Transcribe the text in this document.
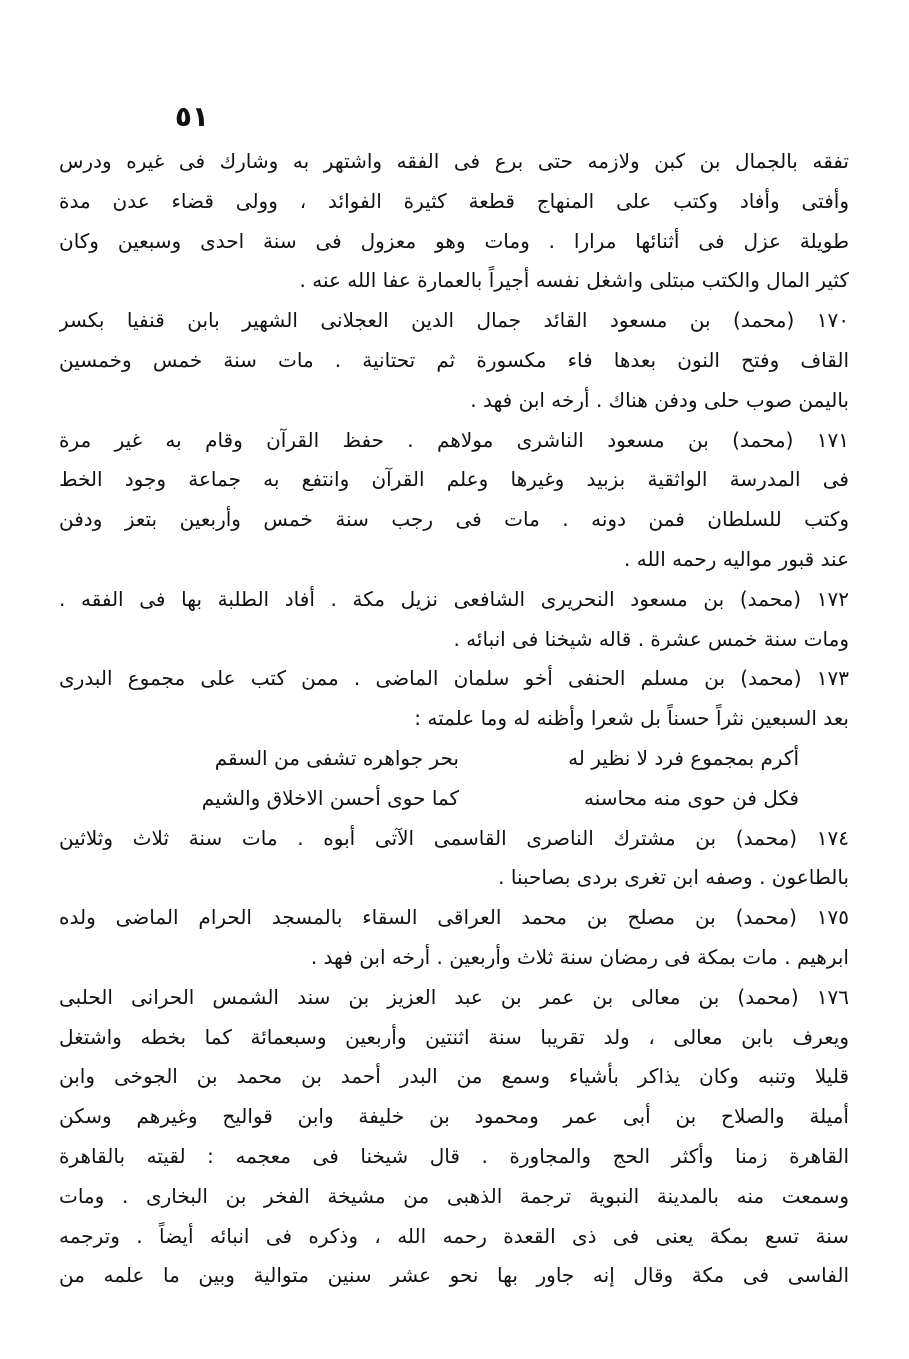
٥١
تفقه بالجمال بن كبن ولازمه حتى برع فى الفقه واشتهر به وشارك فى غيره ودرس
وأفتى وأفاد وكتب على المنهاج قطعة كثيرة الفوائد ، وولى قضاء عدن مدة
طويلة عزل فى أثنائها مرارا . ومات وهو معزول فى سنة احدى وسبعين وكان
كثير المال والكتب مبتلى واشغل نفسه أجيراً بالعمارة عفا الله عنه .
١٧٠ (محمد) بن مسعود القائد جمال الدين العجلانى الشهير بابن قنفيا بكسر
القاف وفتح النون بعدها فاء مكسورة ثم تحتانية . مات سنة خمس وخمسين
باليمن صوب حلى ودفن هناك . أرخه ابن فهد .
١٧١ (محمد) بن مسعود الناشرى مولاهم . حفظ القرآن وقام به غير مرة
فى المدرسة الواثقية بزبيد وغيرها وعلم القرآن وانتفع به جماعة وجود الخط
وكتب للسلطان فمن دونه . مات فى رجب سنة خمس وأربعين بتعز ودفن
عند قبور مواليه رحمه الله .
١٧٢ (محمد) بن مسعود النحريرى الشافعى نزيل مكة . أفاد الطلبة بها فى الفقه .
ومات سنة خمس عشرة . قاله شيخنا فى انبائه .
١٧٣ (محمد) بن مسلم الحنفى أخو سلمان الماضى . ممن كتب على مجموع البدرى
بعد السبعين نثراً حسناً بل شعرا وأظنه له وما علمته :
أكرم بمجموع فرد لا نظير له
بحر جواهره تشفى من السقم
فكل فن حوى منه محاسنه
كما حوى أحسن الاخلاق والشيم
١٧٤ (محمد) بن مشترك الناصرى القاسمى الآتى أبوه . مات سنة ثلاث وثلاثين
بالطاعون . وصفه ابن تغرى بردى بصاحبنا .
١٧٥ (محمد) بن مصلح بن محمد العراقى السقاء بالمسجد الحرام الماضى ولده
ابرهيم . مات بمكة فى رمضان سنة ثلاث وأربعين . أرخه ابن فهد .
١٧٦ (محمد) بن معالى بن عمر بن عبد العزيز بن سند الشمس الحرانى الحلبى
ويعرف بابن معالى ، ولد تقريبا سنة اثنتين وأربعين وسبعمائة كما بخطه واشتغل
قليلا وتنبه وكان يذاكر بأشياء وسمع من البدر أحمد بن محمد بن الجوخى وابن
أميلة والصلاح بن أبى عمر ومحمود بن خليفة وابن قواليح وغيرهم وسكن
القاهرة زمنا وأكثر الحج والمجاورة . قال شيخنا فى معجمه : لقيته بالقاهرة
وسمعت منه بالمدينة النبوية ترجمة الذهبى من مشيخة الفخر بن البخارى . ومات
سنة تسع بمكة يعنى فى ذى القعدة رحمه الله ، وذكره فى انبائه أيضاً . وترجمه
الفاسى فى مكة وقال إنه جاور بها نحو عشر سنين متوالية وبين ما علمه من
